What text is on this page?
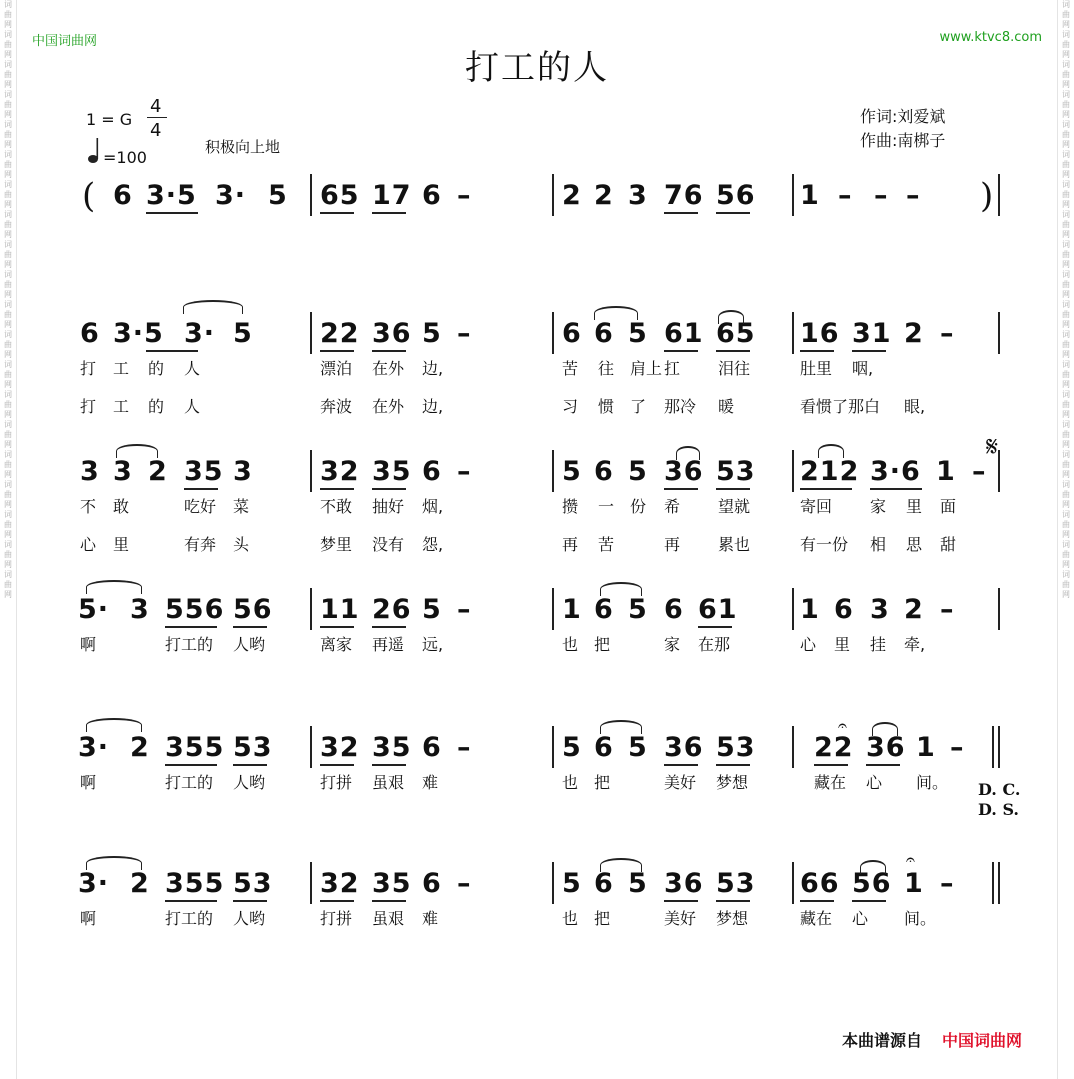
词
曲
网
词
曲
网
词
曲
网
词
曲
网
词
曲
网
词
曲
网
词
曲
网
词
曲
网
词
曲
网
词
曲
网
词
曲
网
词
曲
网
词
曲
网
词
曲
网
词
曲
网
词
曲
网
词
曲
网
词
曲
网
词
曲
网
词
曲
网

词
曲
网
词
曲
网
词
曲
网
词
曲
网
词
曲
网
词
曲
网
词
曲
网
词
曲
网
词
曲
网
词
曲
网
词
曲
网
词
曲
网
词
曲
网
词
曲
网
词
曲
网
词
曲
网
词
曲
网
词
曲
网
词
曲
网
词
曲
网

中国词曲网	www.ktvc8.com
打工的人
1 = G
4
4
=100
积极向上地
作词:刘爱斌
作曲:南梆子
(	)
6 3·5 3· 5 65 17 6 –	2 2 3 76 56 1 – – –
6 3·5 3· 5 22 36 5 –	6 6 5 61 65 16 31 2 –
3 3 2 35 3 32 35 6 –	5 6 5 36 53 212 3·6 1 –
5· 3 556 56 11 26 5 –	1 6 5 6 61 1 6 3 2 –
3· 2 355 53 32 35 6 –	5 6 5 36 53 22 36 1 –
3· 2 355 53 32 35 6 –	5 6 5 36 53 66 56 1 –
打 工 的 人	漂泊 在外 边,	苦 往 肩上 扛 泪往	肚里 咽,
打 工 的 人	奔波 在外 边,	习 惯 了 那冷 暖	看惯了那白 眼,
不 敢	吃好 菜	不敢 抽好 烟,	攒 一 份 希 望就	寄回 家 里 面
心 里	有奔 头	梦里 没有 怨,	再 苦	再 累也	有一份 相 思 甜
啊	打工的 人哟	离家 再遥 远,	也 把	家 在那	心 里 挂 牵,
啊	打工的 人哟	打拼 虽艰 难	也 把	美好 梦想	藏在 心 间。
啊	打工的 人哟	打拼 虽艰 难	也 把	美好 梦想	藏在 心 间。
D. C.
D. S.
𝄐
𝄐
𝄋
本曲谱源自 中国词曲网
